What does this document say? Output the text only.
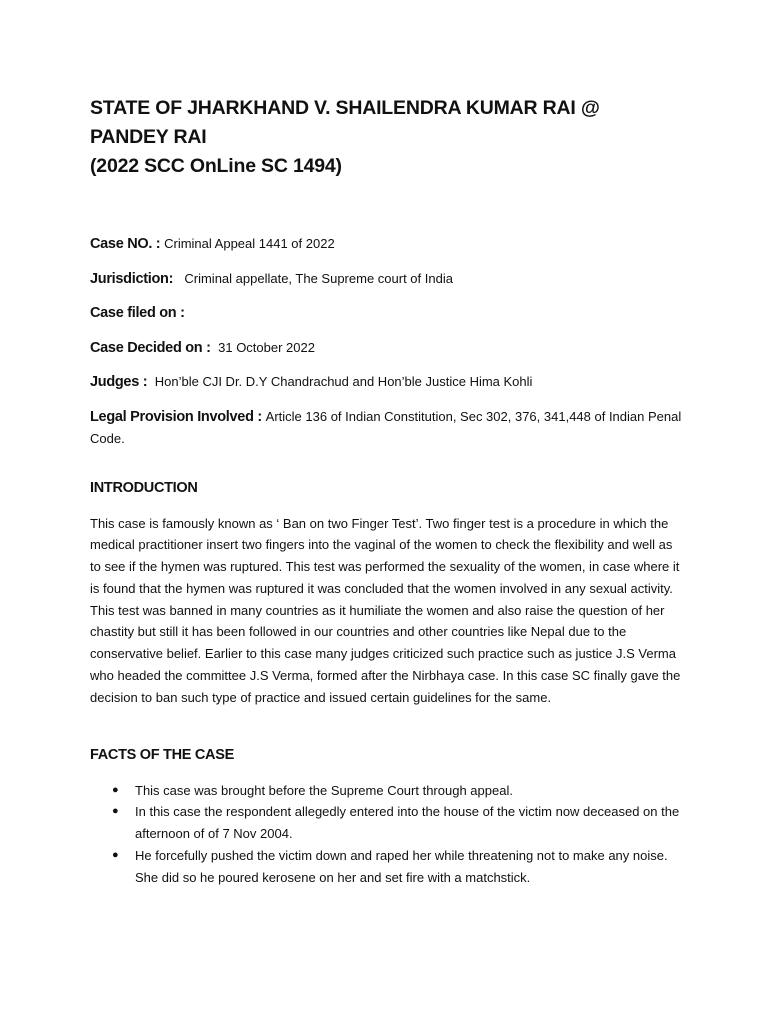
STATE OF JHARKHAND V. SHAILENDRA KUMAR RAI @ PANDEY RAI
(2022 SCC OnLine SC 1494)

Case NO. : Criminal Appeal 1441 of 2022

Jurisdiction: Criminal appellate, The Supreme court of India

Case filed on :

Case Decided on : 31 October 2022

Judges : Hon’ble CJI Dr. D.Y Chandrachud and Hon’ble Justice Hima Kohli

Legal Provision Involved : Article 136 of Indian Constitution, Sec 302, 376, 341,448 of Indian Penal Code.

INTRODUCTION

This case is famously known as ‘ Ban on two Finger Test’. Two finger test is a procedure in which the medical practitioner insert two fingers into the vaginal of the women to check the flexibility and well as to see if the hymen was ruptured. This test was performed the sexuality of the women, in case where it is found that the hymen was ruptured it was concluded that the women involved in any sexual activity. This test was banned in many countries as it humiliate the women and also raise the question of her chastity but still it has been followed in our countries and other countries like Nepal due to the conservative belief. Earlier to this case many judges criticized such practice such as justice J.S Verma who headed the committee J.S Verma, formed after the Nirbhaya case. In this case SC finally gave the decision to ban such type of practice and issued certain guidelines for the same.

FACTS OF THE CASE
● This case was brought before the Supreme Court through appeal.
● In this case the respondent allegedly entered into the house of the victim now deceased on the afternoon of of 7 Nov 2004.
● He forcefully pushed the victim down and raped her while threatening not to make any noise. She did so he poured kerosene on her and set fire with a matchstick.
